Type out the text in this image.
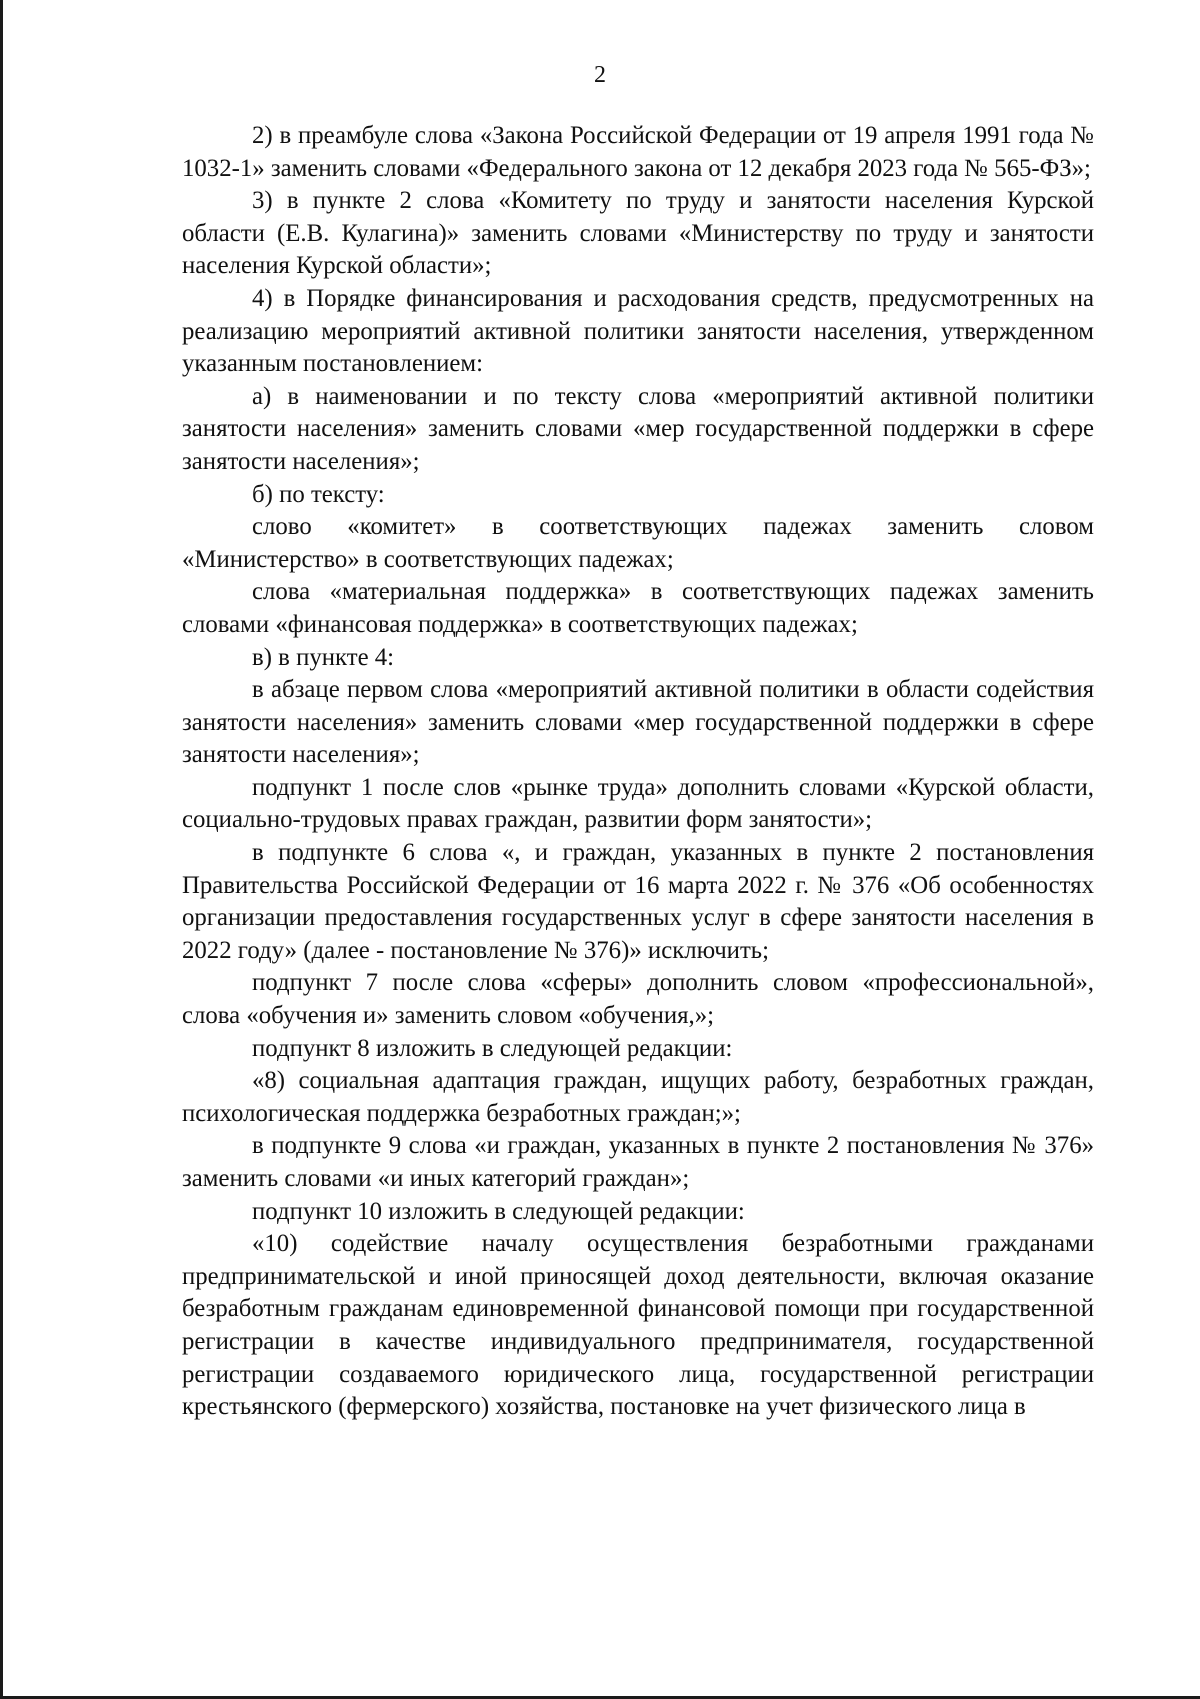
2

2) в преамбуле слова «Закона Российской Федерации от 19 апреля 1991 года № 1032-1» заменить словами «Федерального закона от 12 декабря 2023 года № 565-ФЗ»;

3) в пункте 2 слова «Комитету по труду и занятости населения Курской области (Е.В. Кулагина)» заменить словами «Министерству по труду и занятости населения Курской области»;

4) в Порядке финансирования и расходования средств, предусмотренных на реализацию мероприятий активной политики занятости населения, утвержденном указанным постановлением:

а) в наименовании и по тексту слова «мероприятий активной политики занятости населения» заменить словами «мер государственной поддержки в сфере занятости населения»;

б) по тексту:

слово «комитет» в соответствующих падежах заменить словом «Министерство» в соответствующих падежах;

слова «материальная поддержка» в соответствующих падежах заменить словами «финансовая поддержка» в соответствующих падежах;

в) в пункте 4:

в абзаце первом слова «мероприятий активной политики в области содействия занятости населения» заменить словами «мер государственной поддержки в сфере занятости населения»;

подпункт 1 после слов «рынке труда» дополнить словами «Курской области, социально-трудовых правах граждан, развитии форм занятости»;

в подпункте 6 слова «, и граждан, указанных в пункте 2 постановления Правительства Российской Федерации от 16 марта 2022 г. № 376 «Об особенностях организации предоставления государственных услуг в сфере занятости населения в 2022 году» (далее - постановление № 376)» исключить;

подпункт 7 после слова «сферы» дополнить словом «профессиональной», слова «обучения и» заменить словом «обучения,»;

подпункт 8 изложить в следующей редакции:

«8) социальная адаптация граждан, ищущих работу, безработных граждан, психологическая поддержка безработных граждан;»;

в подпункте 9 слова «и граждан, указанных в пункте 2 постановления № 376» заменить словами «и иных категорий граждан»;

подпункт 10 изложить в следующей редакции:

«10) содействие началу осуществления безработными гражданами предпринимательской и иной приносящей доход деятельности, включая оказание безработным гражданам единовременной финансовой помощи при государственной регистрации в качестве индивидуального предпринимателя, государственной регистрации создаваемого юридического лица, государственной регистрации крестьянского (фермерского) хозяйства, постановке на учет физического лица в
